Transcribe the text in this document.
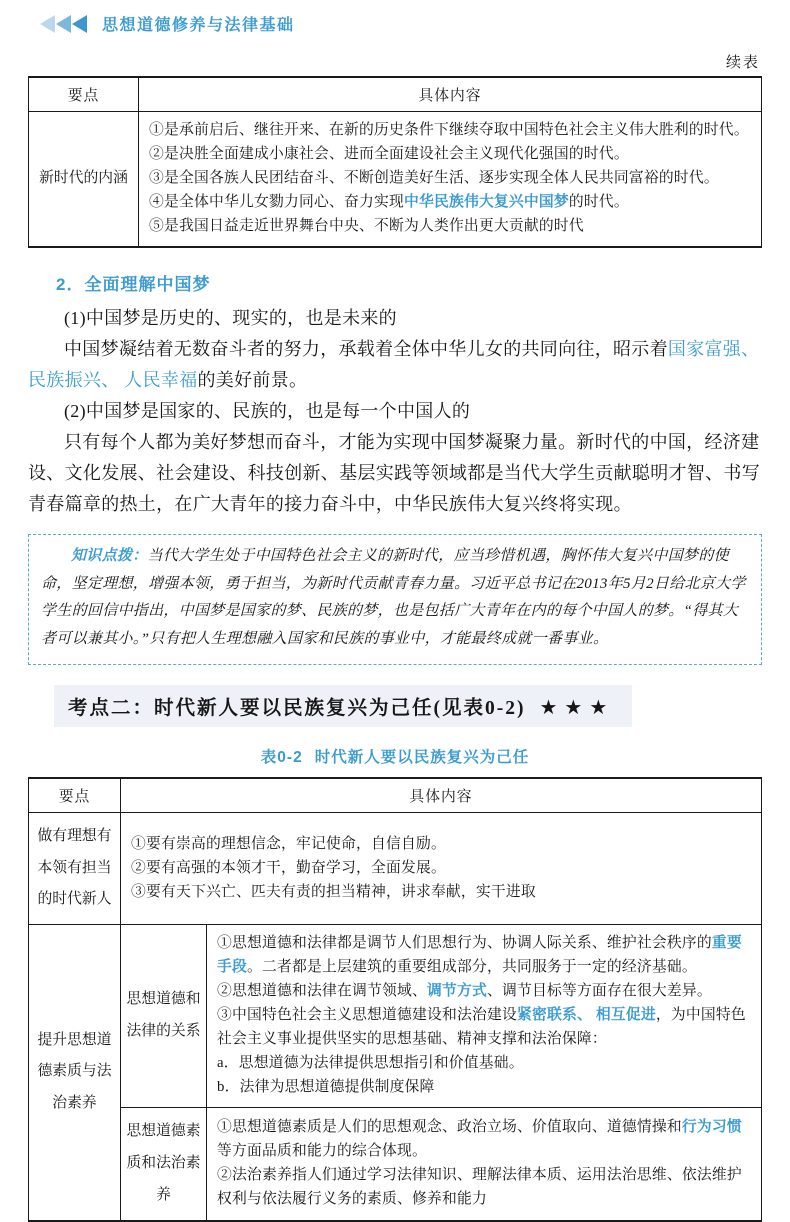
思想道德修养与法律基础
续表
要点	具体内容
新时代的内涵	①是承前启后、继往开来、在新的历史条件下继续夺取中国特色社会主义伟大胜利的时代。
②是决胜全面建成小康社会、进而全面建设社会主义现代化强国的时代。
③是全国各族人民团结奋斗、不断创造美好生活、逐步实现全体人民共同富裕的时代。
④是全体中华儿女勠力同心、奋力实现中华民族伟大复兴中国梦的时代。
⑤是我国日益走近世界舞台中央、不断为人类作出更大贡献的时代
2．全面理解中国梦

(1)中国梦是历史的、现实的，也是未来的

中国梦凝结着无数奋斗者的努力，承载着全体中华儿女的共同向往，昭示着国家富强、 民族振兴、 人民幸福的美好前景。

(2)中国梦是国家的、民族的，也是每一个中国人的

只有每个人都为美好梦想而奋斗，才能为实现中国梦凝聚力量。新时代的中国，经济建设、文化发展、社会建设、科技创新、基层实践等领域都是当代大学生贡献聪明才智、书写青春篇章的热土，在广大青年的接力奋斗中，中华民族伟大复兴终将实现。

知识点拨：当代大学生处于中国特色社会主义的新时代，应当珍惜机遇，胸怀伟大复兴中国梦的使命，坚定理想，增强本领，勇于担当，为新时代贡献青春力量。习近平总书记在2013年5月2日给北京大学学生的回信中指出，中国梦是国家的梦、民族的梦，也是包括广大青年在内的每个中国人的梦。“得其大者可以兼其小。”只有把人生理想融入国家和民族的事业中，才能最终成就一番事业。
考点二：时代新人要以民族复兴为己任(见表0-2) ★★★
表0-2 时代新人要以民族复兴为己任
要点	具体内容	
做有理想有本领有担当的时代新人	①要有崇高的理想信念，牢记使命，自信自励。
②要有高强的本领才干，勤奋学习，全面发展。
③要有天下兴亡、匹夫有责的担当精神，讲求奉献，实干进取	

提升思想道德素质与法治素养	思想道德和法律的关系	①思想道德和法律都是调节人们思想行为、协调人际关系、维护社会秩序的重要手段。二者都是上层建筑的重要组成部分，共同服务于一定的经济基础。
②思想道德和法律在调节领域、调节方式、调节目标等方面存在很大差异。
③中国特色社会主义思想道德建设和法治建设紧密联系、 相互促进，为中国特色社会主义事业提供坚实的思想基础、精神支撑和法治保障：
a．思想道德为法律提供思想指引和价值基础。
b．法律为思想道德提供制度保障

	思想道德素质和法治素养	①思想道德素质是人们的思想观念、政治立场、价值取向、道德情操和行为习惯等方面品质和能力的综合体现。
②法治素养指人们通过学习法律知识、理解法律本质、运用法治思维、依法维护权利与依法履行义务的素质、修养和能力
